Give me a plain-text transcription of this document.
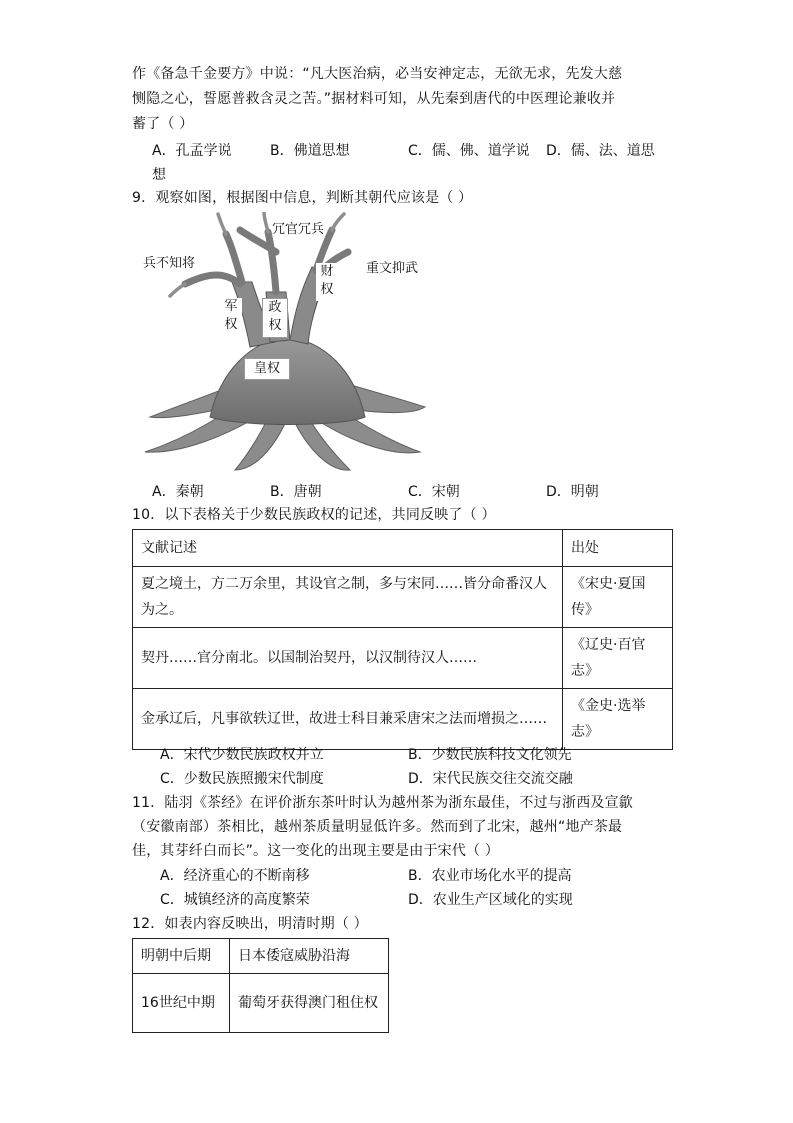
作《备急千金要方》中说：“凡大医治病，必当安神定志，无欲无求，先发大慈
恻隐之心，誓愿普救含灵之苦。”据材料可知，从先秦到唐代的中医理论兼收并
蓄了（ ）
A．孔孟学说	B．佛道思想	C．儒、佛、道学说 D．儒、法、道思
想
9．观察如图，根据图中信息，判断其朝代应该是（ ）
冗官冗兵
兵不知将
财权
重文抑武
军权
政权
皇权
A．秦朝	B．唐朝	C．宋朝	D．明朝
10．以下表格关于少数民族政权的记述，共同反映了（ ）
文献记述	出处
夏之境土，方二万余里，其设官之制，多与宋同……皆分命番汉人为之。	《宋史·夏国传》
契丹……官分南北。以国制治契丹，以汉制待汉人……	《辽史·百官志》
金承辽后，凡事欲轶辽世，故进士科目兼采唐宋之法而增损之……	《金史·选举志》
A．宋代少数民族政权并立	B．少数民族科技文化领先
C．少数民族照搬宋代制度	D．宋代民族交往交流交融
11．陆羽《茶经》在评价浙东茶叶时认为越州茶为浙东最佳，不过与浙西及宣歙
（安徽南部）茶相比，越州茶质量明显低许多。然而到了北宋，越州“地产茶最
佳，其芽纤白而长”。这一变化的出现主要是由于宋代（ ）
A．经济重心的不断南移	B．农业市场化水平的提高
C．城镇经济的高度繁荣	D．农业生产区域化的实现
12．如表内容反映出，明清时期（ ）
明朝中后期	日本倭寇威胁沿海
16世纪中期	葡萄牙获得澳门租住权
